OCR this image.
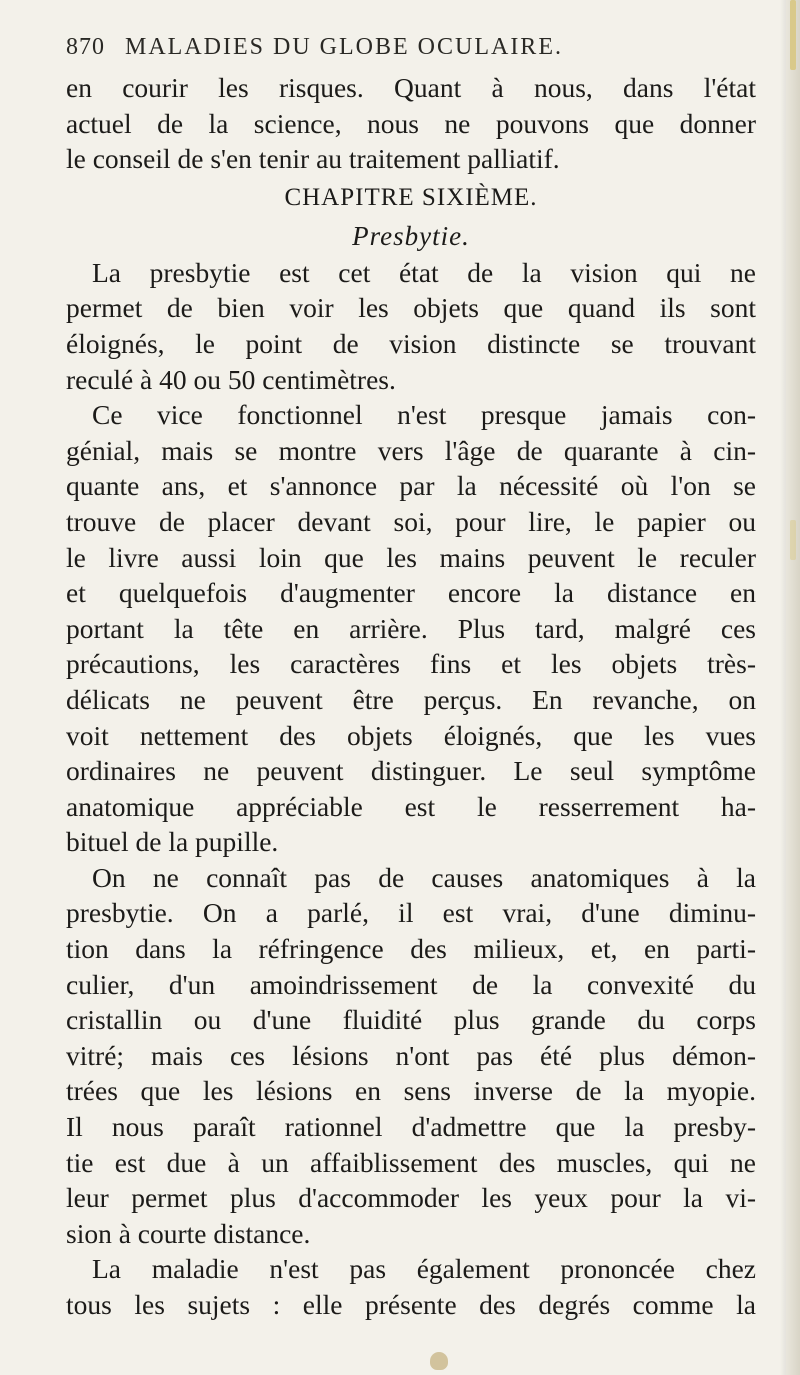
870 MALADIES DU GLOBE OCULAIRE.
en courir les risques. Quant à nous, dans l'état
actuel de la science, nous ne pouvons que donner
le conseil de s'en tenir au traitement palliatif.
CHAPITRE SIXIÈME.
Presbytie.
La presbytie est cet état de la vision qui ne
permet de bien voir les objets que quand ils sont
éloignés, le point de vision distincte se trouvant
reculé à 40 ou 50 centimètres.
Ce vice fonctionnel n'est presque jamais con-
génial, mais se montre vers l'âge de quarante à cin-
quante ans, et s'annonce par la nécessité où l'on se
trouve de placer devant soi, pour lire, le papier ou
le livre aussi loin que les mains peuvent le reculer
et quelquefois d'augmenter encore la distance en
portant la tête en arrière. Plus tard, malgré ces
précautions, les caractères fins et les objets très-
délicats ne peuvent être perçus. En revanche, on
voit nettement des objets éloignés, que les vues
ordinaires ne peuvent distinguer. Le seul symptôme
anatomique appréciable est le resserrement ha-
bituel de la pupille.
On ne connaît pas de causes anatomiques à la
presbytie. On a parlé, il est vrai, d'une diminu-
tion dans la réfringence des milieux, et, en parti-
culier, d'un amoindrissement de la convexité du
cristallin ou d'une fluidité plus grande du corps
vitré; mais ces lésions n'ont pas été plus démon-
trées que les lésions en sens inverse de la myopie.
Il nous paraît rationnel d'admettre que la presby-
tie est due à un affaiblissement des muscles, qui ne
leur permet plus d'accommoder les yeux pour la vi-
sion à courte distance.
La maladie n'est pas également prononcée chez
tous les sujets : elle présente des degrés comme la
